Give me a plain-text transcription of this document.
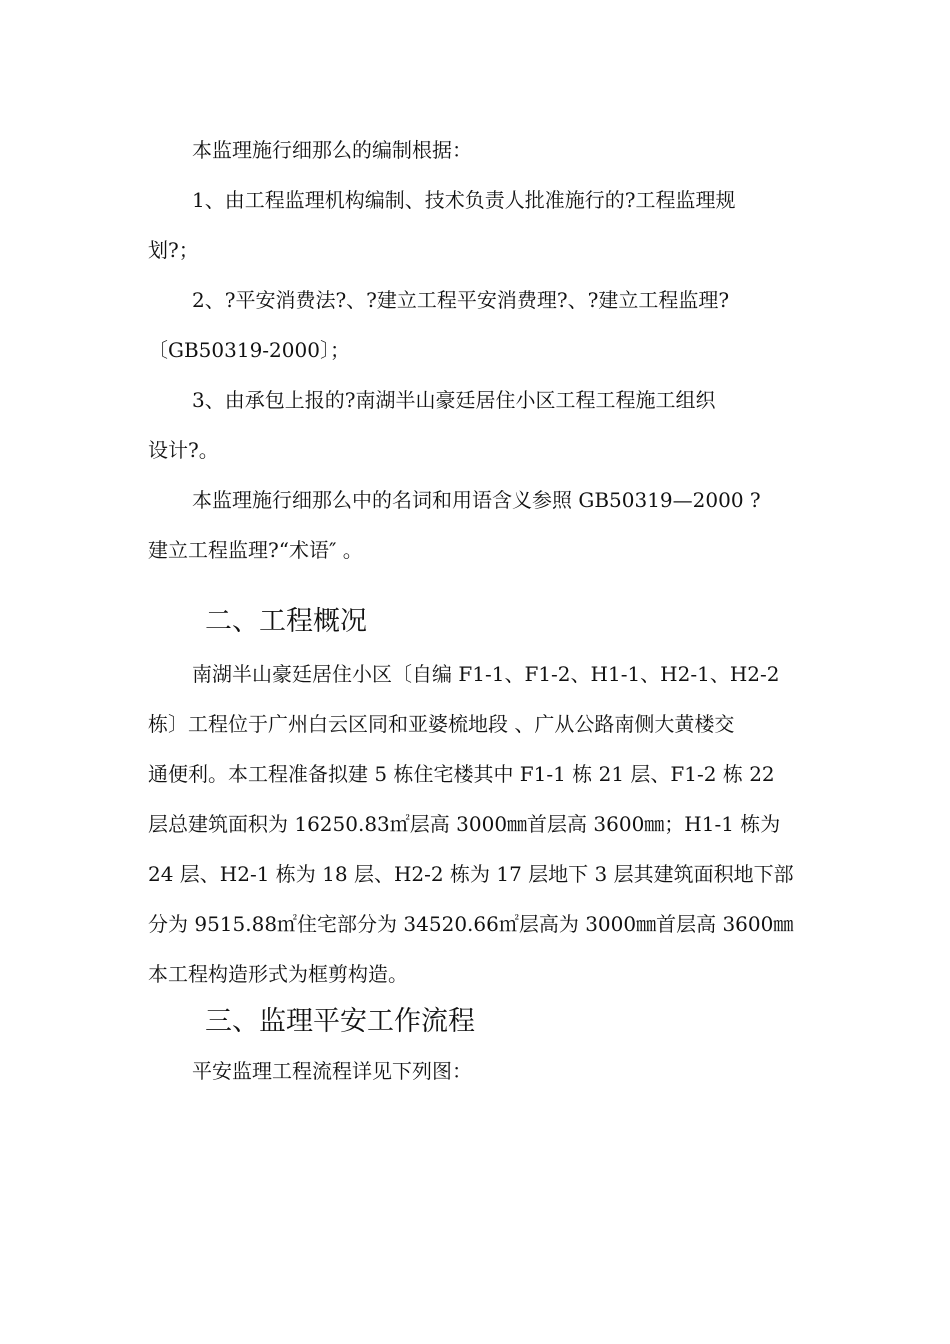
本监理施行细那么的编制根据：
1、由工程监理机构编制、技术负责人批准施行的?工程监理规
划?；
2、?平安消费法?、?建立工程平安消费理?、?建立工程监理?
〔GB50319-2000〕；
3、由承包上报的?南湖半山豪廷居住小区工程工程施工组织
设计?。
本监理施行细那么中的名词和用语含义参照 GB50319—2000 ?
建立工程监理?“术语″ 。
二、工程概况
南湖半山豪廷居住小区〔自编 F1-1、F1-2、H1-1、H2-1、H2-2
栋〕工程位于广州白云区同和亚婆梳地段 、广从公路南侧大黄楼交
通便利。本工程准备拟建 5 栋住宅楼其中 F1-1 栋 21 层、F1-2 栋 22
层总建筑面积为 16250.83㎡层高 3000㎜首层高 3600㎜；H1-1 栋为
24 层、H2-1 栋为 18 层、H2-2 栋为 17 层地下 3 层其建筑面积地下部
分为 9515.88㎡住宅部分为 34520.66㎡层高为 3000㎜首层高 3600㎜
本工程构造形式为框剪构造。
三、监理平安工作流程
平安监理工程流程详见下列图：
